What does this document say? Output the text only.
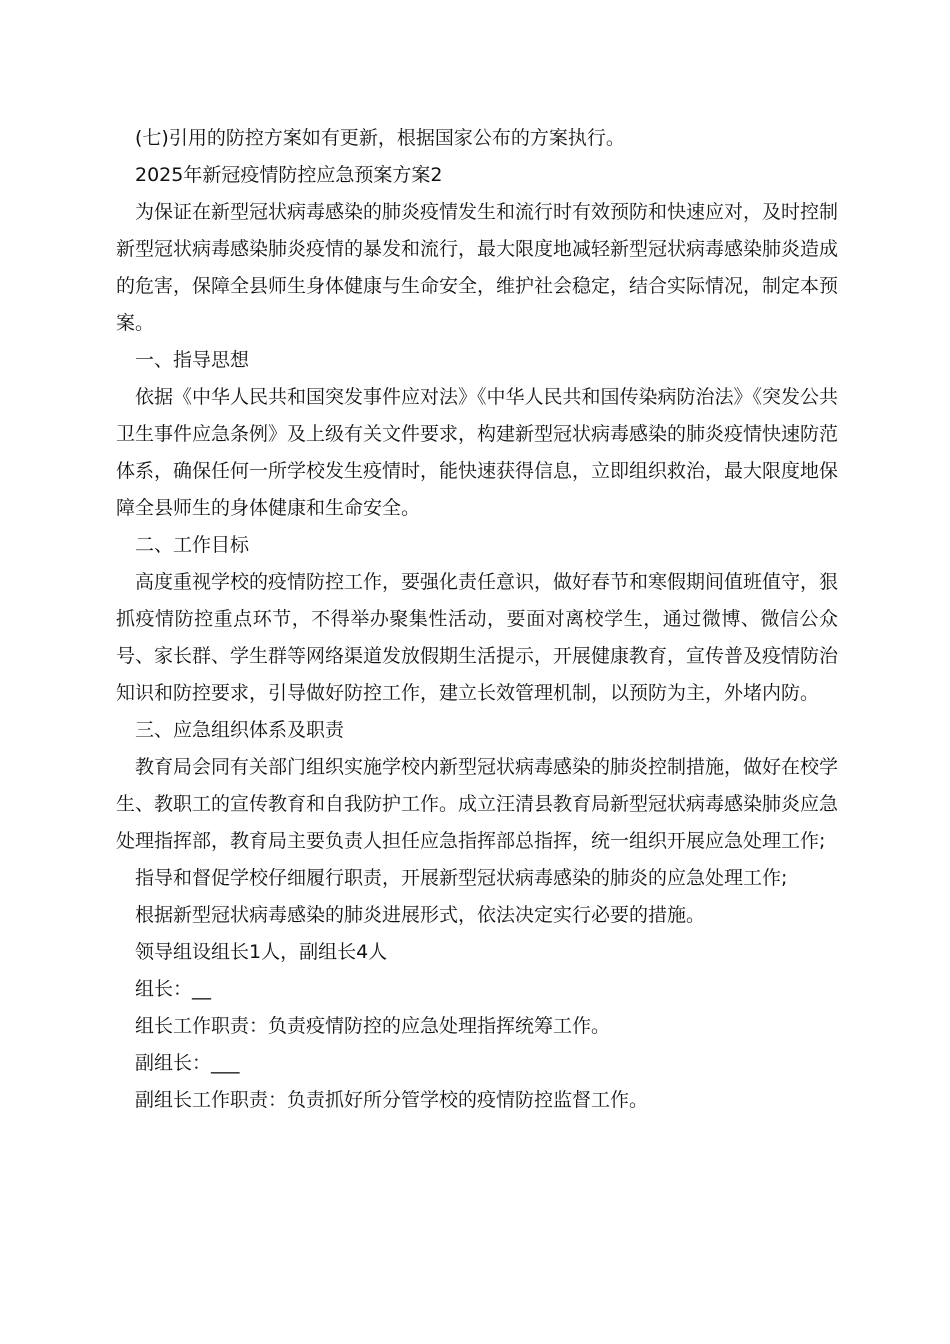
(七)引用的防控方案如有更新，根据国家公布的方案执行。

2025年新冠疫情防控应急预案方案2

为保证在新型冠状病毒感染的肺炎疫情发生和流行时有效预防和快速应对，及时控制新型冠状病毒感染肺炎疫情的暴发和流行，最大限度地减轻新型冠状病毒感染肺炎造成的危害，保障全县师生身体健康与生命安全，维护社会稳定，结合实际情况，制定本预案。

一、指导思想

依据《中华人民共和国突发事件应对法》《中华人民共和国传染病防治法》《突发公共卫生事件应急条例》及上级有关文件要求，构建新型冠状病毒感染的肺炎疫情快速防范体系，确保任何一所学校发生疫情时，能快速获得信息，立即组织救治，最大限度地保障全县师生的身体健康和生命安全。

二、工作目标

高度重视学校的疫情防控工作，要强化责任意识，做好春节和寒假期间值班值守，狠抓疫情防控重点环节，不得举办聚集性活动，要面对离校学生，通过微博、微信公众号、家长群、学生群等网络渠道发放假期生活提示，开展健康教育，宣传普及疫情防治知识和防控要求，引导做好防控工作，建立长效管理机制，以预防为主，外堵内防。

三、应急组织体系及职责

教育局会同有关部门组织实施学校内新型冠状病毒感染的肺炎控制措施，做好在校学生、教职工的宣传教育和自我防护工作。成立汪清县教育局新型冠状病毒感染肺炎应急处理指挥部，教育局主要负责人担任应急指挥部总指挥，统一组织开展应急处理工作;

指导和督促学校仔细履行职责，开展新型冠状病毒感染的肺炎的应急处理工作;

根据新型冠状病毒感染的肺炎进展形式，依法决定实行必要的措施。

领导组设组长1人，副组长4人

组长：__

组长工作职责：负责疫情防控的应急处理指挥统筹工作。

副组长：___

副组长工作职责：负责抓好所分管学校的疫情防控监督工作。
